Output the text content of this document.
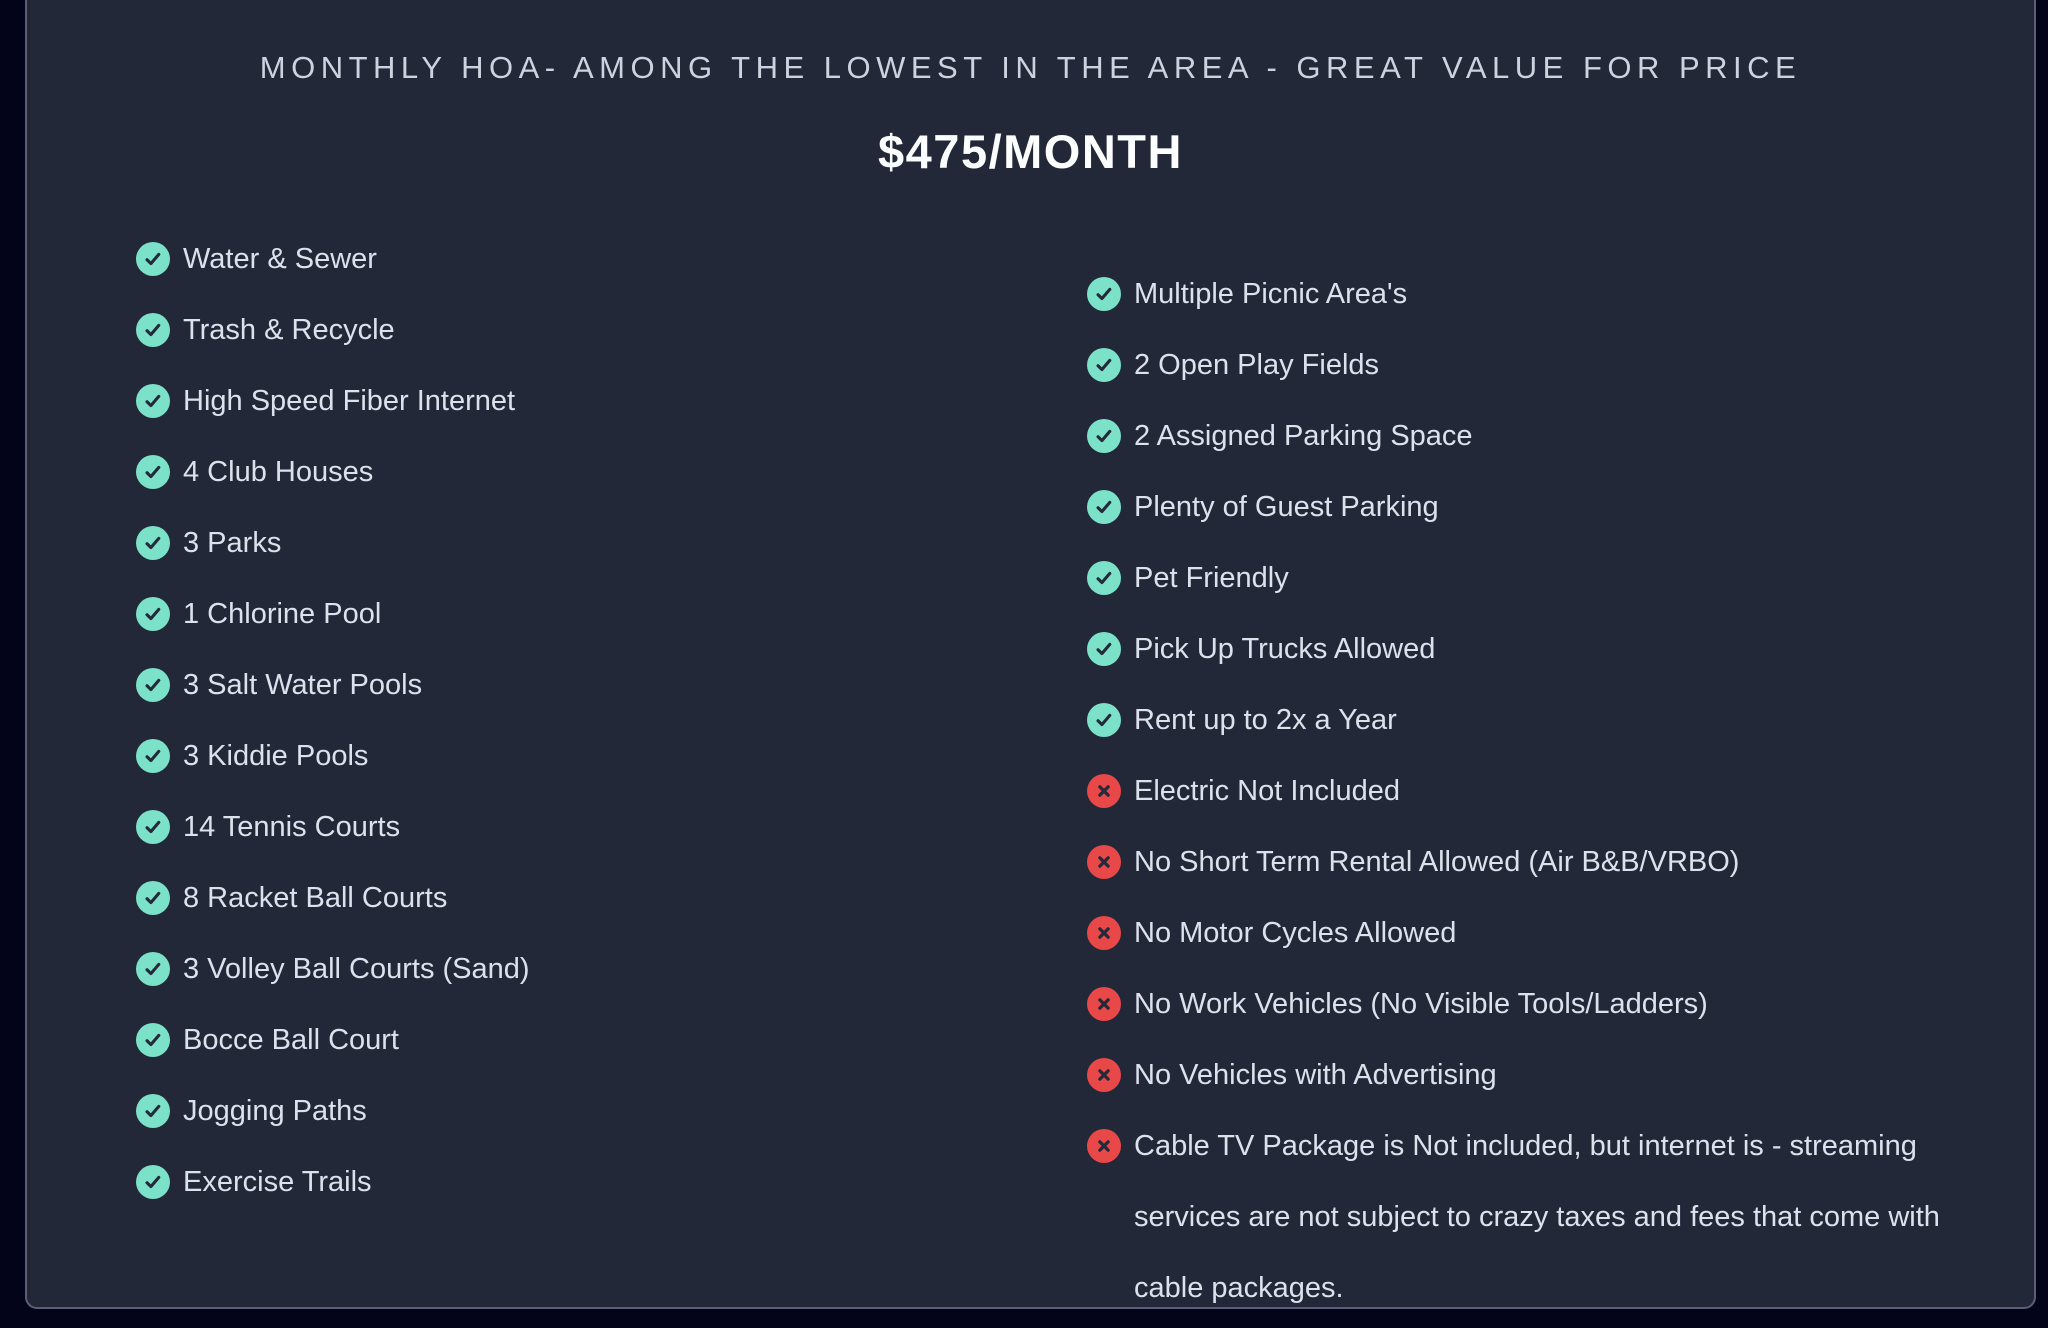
MONTHLY HOA- AMONG THE LOWEST IN THE AREA - GREAT VALUE FOR PRICE
$475/MONTH
Water & Sewer
Trash & Recycle
High Speed Fiber Internet
4 Club Houses
3 Parks
1 Chlorine Pool
3 Salt Water Pools
3 Kiddie Pools
14 Tennis Courts
8 Racket Ball Courts
3 Volley Ball Courts (Sand)
Bocce Ball Court
Jogging Paths
Exercise Trails
Multiple Picnic Area's
2 Open Play Fields
2 Assigned Parking Space
Plenty of Guest Parking
Pet Friendly
Pick Up Trucks Allowed
Rent up to 2x a Year
Electric Not Included
No Short Term Rental Allowed (Air B&B/VRBO)
No Motor Cycles Allowed
No Work Vehicles (No Visible Tools/Ladders)
No Vehicles with Advertising
Cable TV Package is Not included, but internet is - streaming services are not subject to crazy taxes and fees that come with cable packages.
